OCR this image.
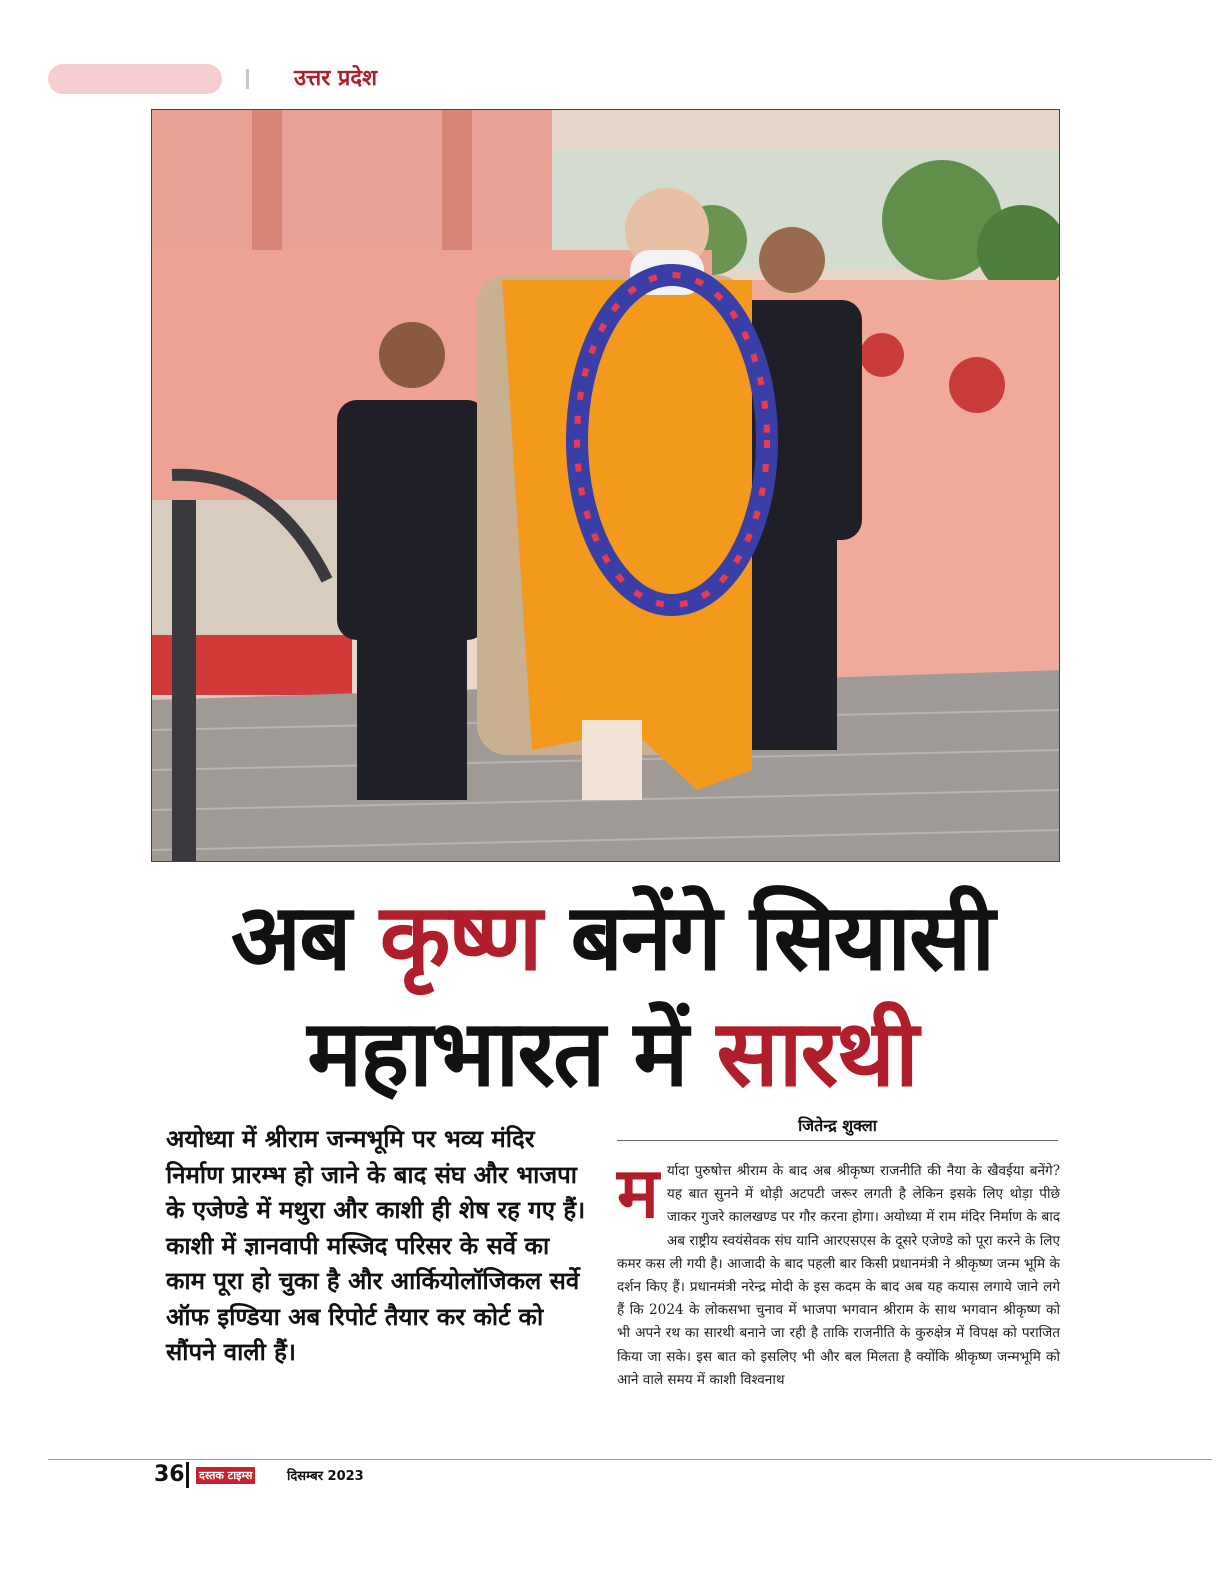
उत्तर प्रदेश
अब कृष्ण बनेंगे सियासी
महाभारत में सारथी
अयोध्या में श्रीराम जन्मभूमि पर भव्य मंदिर निर्माण प्रारम्भ हो जाने के बाद संघ और भाजपा के एजेण्डे में मथुरा और काशी ही शेष रह गए हैं। काशी में ज्ञानवापी मस्जिद परिसर के सर्वे का काम पूरा हो चुका है और आर्कियोलॉजिकल सर्वे ऑफ इण्डिया अब रिपोर्ट तैयार कर कोर्ट को सौंपने वाली हैं।
जितेन्द्र शुक्ला
मर्यादा पुरुषोत्त श्रीराम के बाद अब श्रीकृष्ण राजनीति की नैया के खैवईया बनेंगे? यह बात सुनने में थोड़ी अटपटी जरूर लगती है लेकिन इसके लिए थोड़ा पीछे जाकर गुजरे कालखण्ड पर गौर करना होगा। अयोध्या में राम मंदिर निर्माण के बाद अब राष्ट्रीय स्वयंसेवक संघ यानि आरएसएस के दूसरे एजेण्डे को पूरा करने के लिए कमर कस ली गयी है। आजादी के बाद पहली बार किसी प्रधानमंत्री ने श्रीकृष्ण जन्म भूमि के दर्शन किए हैं। प्रधानमंत्री नरेन्द्र मोदी के इस कदम के बाद अब यह कयास लगाये जाने लगे हैं कि 2024 के लोकसभा चुनाव में भाजपा भगवान श्रीराम के साथ भगवान श्रीकृष्ण को भी अपने रथ का सारथी बनाने जा रही है ताकि राजनीति के कुरुक्षेत्र में विपक्ष को पराजित किया जा सके। इस बात को इसलिए भी और बल मिलता है क्योंकि श्रीकृष्ण जन्मभूमि को आने वाले समय में काशी विश्वनाथ
36 दस्तक टाइम्स	दिसम्बर 2023
